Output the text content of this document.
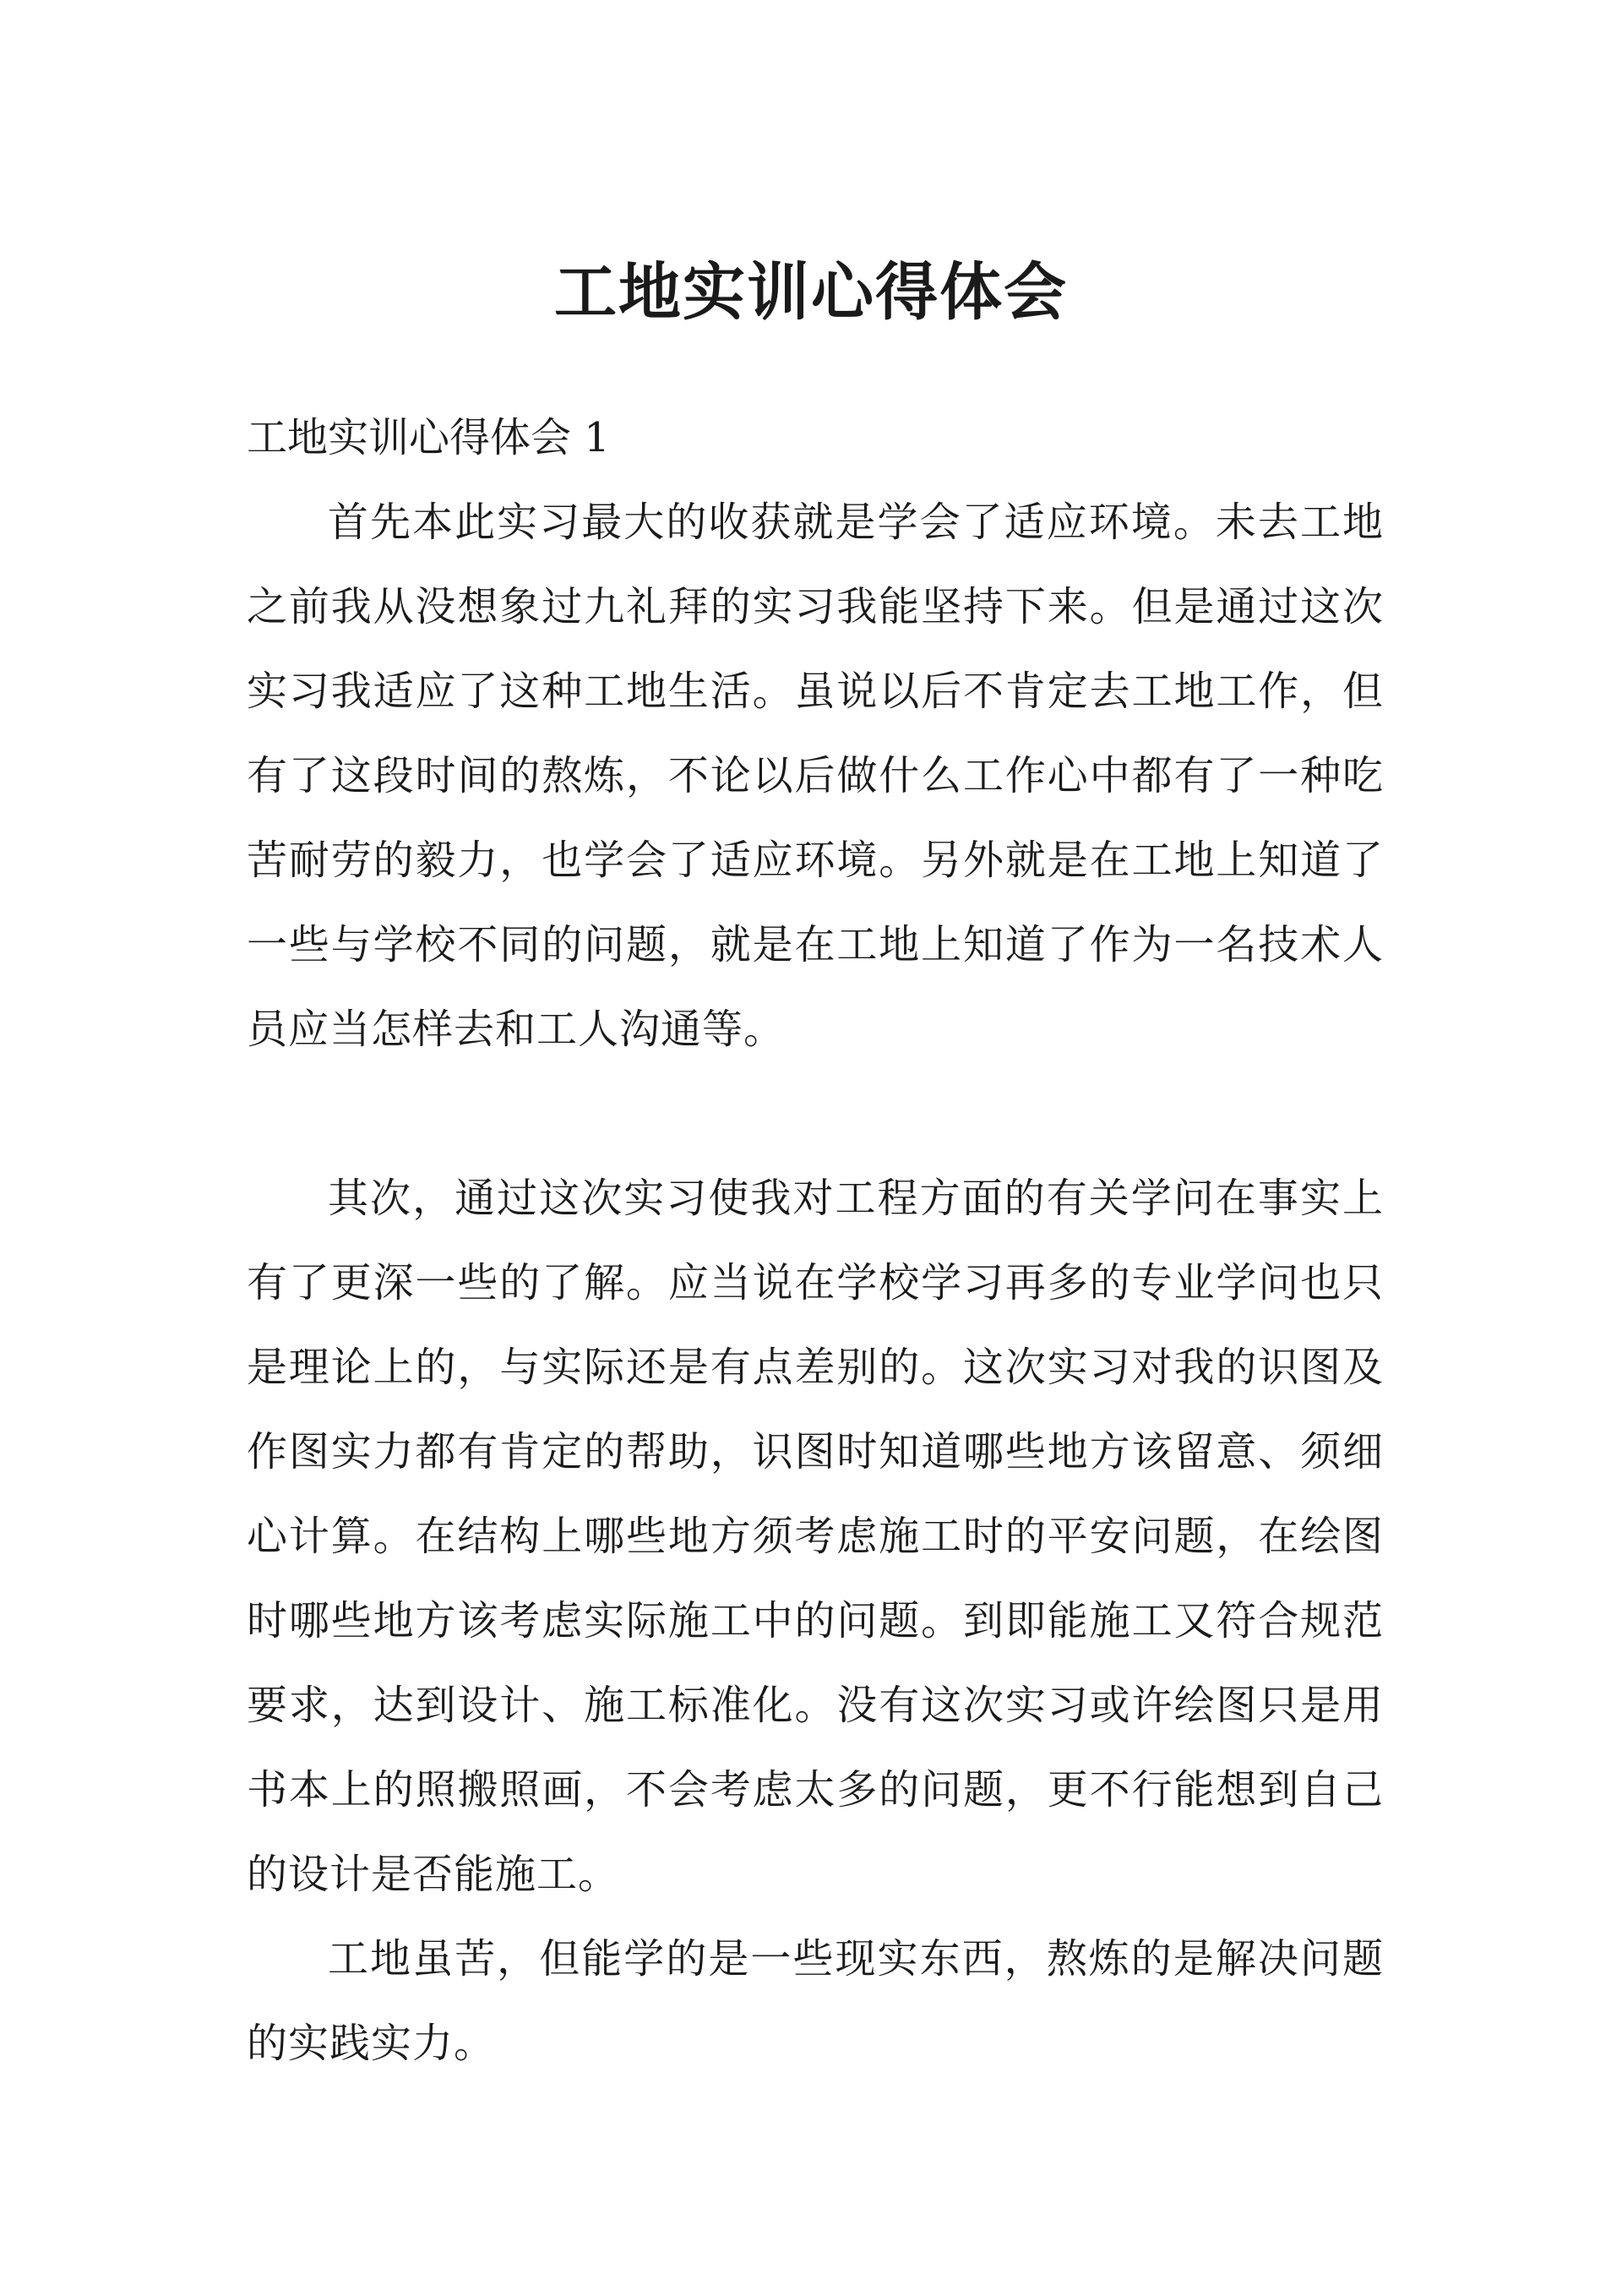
工地实训心得体会

工地实训心得体会 1

首先本此实习最大的收获就是学会了适应环境。未去工地之前我从没想象过九礼拜的实习我能坚持下来。但是通过这次实习我适应了这种工地生活。虽说以后不肯定去工地工作，但有了这段时间的熬炼，不论以后做什么工作心中都有了一种吃苦耐劳的毅力，也学会了适应环境。另外就是在工地上知道了一些与学校不同的问题，就是在工地上知道了作为一名技术人员应当怎样去和工人沟通等。

其次，通过这次实习使我对工程方面的有关学问在事实上有了更深一些的了解。应当说在学校学习再多的专业学问也只是理论上的，与实际还是有点差别的。这次实习对我的识图及作图实力都有肯定的帮助，识图时知道哪些地方该留意、须细心计算。在结构上哪些地方须考虑施工时的平安问题，在绘图时哪些地方该考虑实际施工中的问题。到即能施工又符合规范要求，达到设计、施工标准化。没有这次实习或许绘图只是用书本上的照搬照画，不会考虑太多的问题，更不行能想到自己的设计是否能施工。

工地虽苦，但能学的是一些现实东西，熬炼的是解决问题的实践实力。
